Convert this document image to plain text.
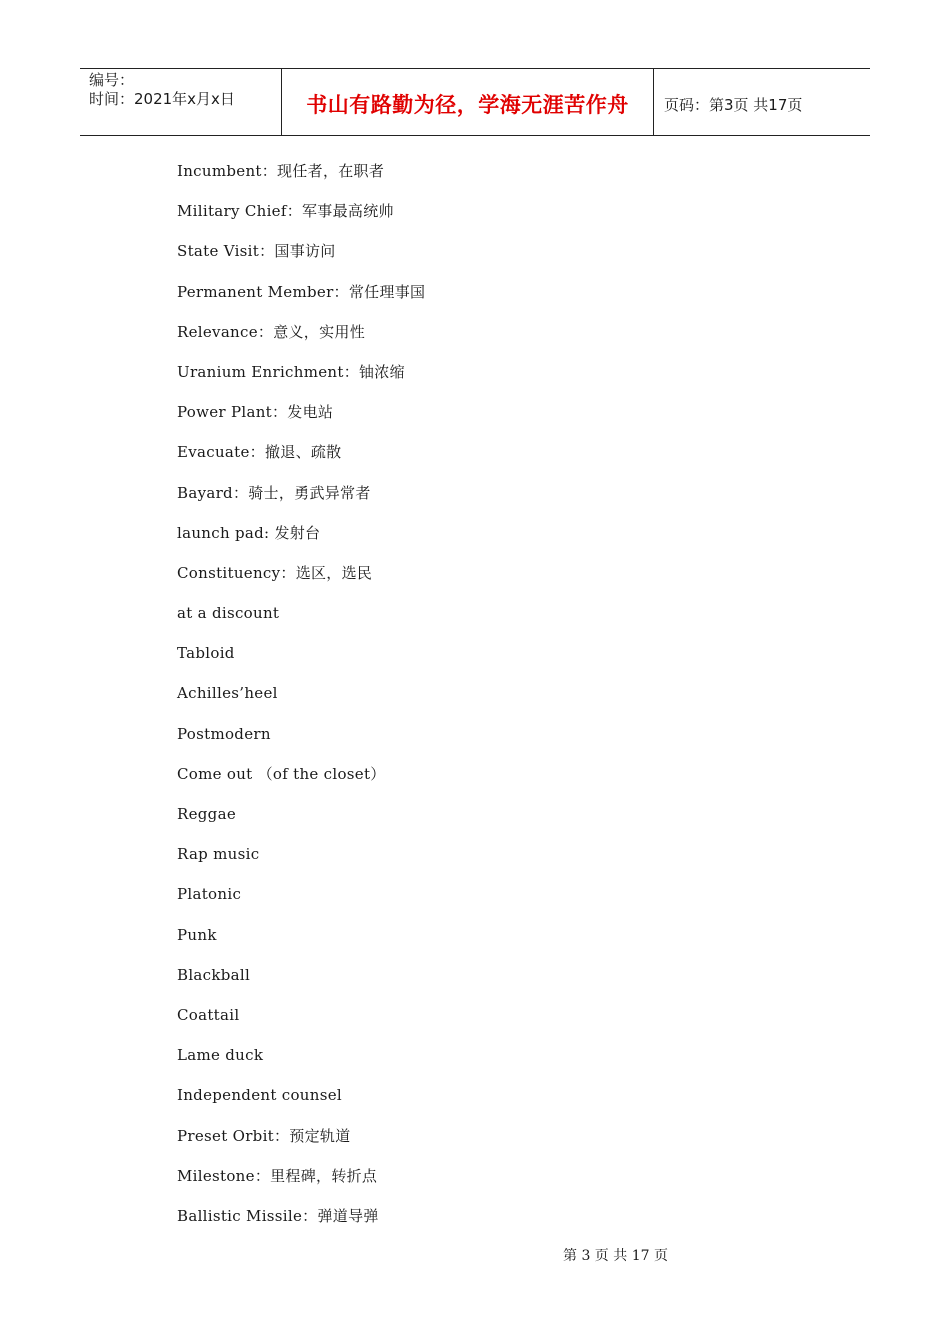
编号：
时间：2021年x月x日	书山有路勤为径，学海无涯苦作舟	页码：第3页 共17页
Incumbent：现任者，在职者
Military Chief：军事最高统帅
State Visit：国事访问
Permanent Member：常任理事国
Relevance：意义，实用性
Uranium Enrichment：铀浓缩
Power Plant：发电站
Evacuate：撤退、疏散
Bayard：骑士，勇武异常者
launch pad: 发射台
Constituency：选区，选民
at a discount
Tabloid
Achilles’heel
Postmodern
Come out （of the closet）
Reggae
Rap music
Platonic
Punk
Blackball
Coattail
Lame duck
Independent counsel
Preset Orbit：预定轨道
Milestone：里程碑，转折点
Ballistic Missile：弹道导弹
第 3 页 共 17 页
